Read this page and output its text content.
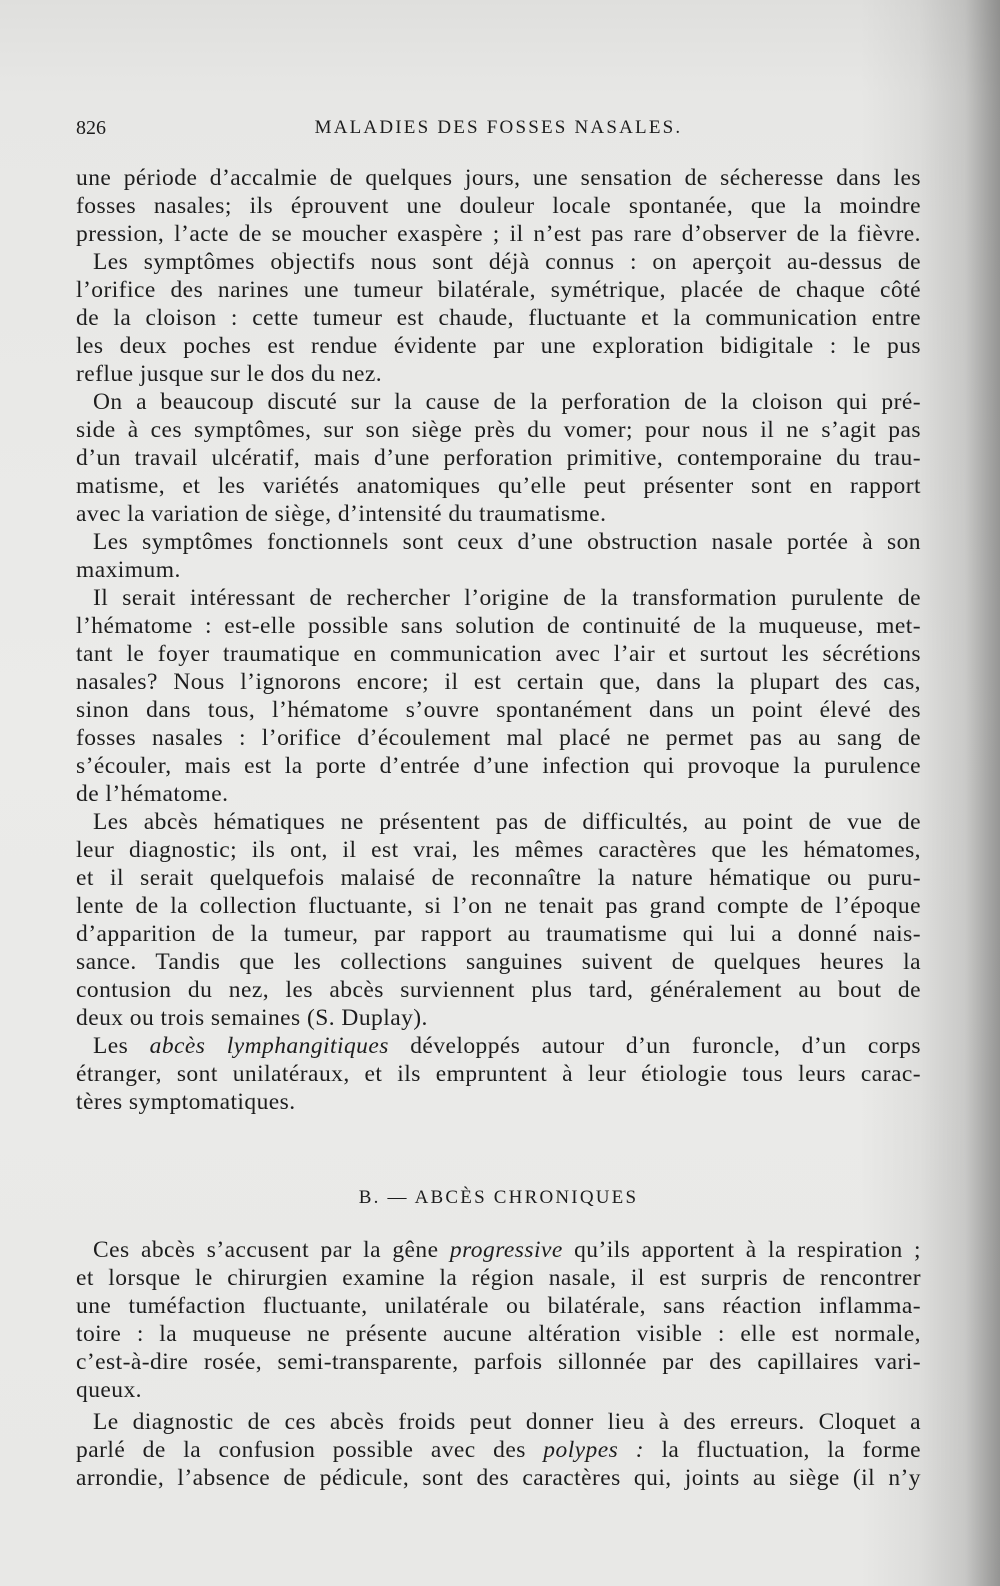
826	MALADIES DES FOSSES NASALES.
une période d’accalmie de quelques jours, une sensation de sécheresse dans les
fosses nasales; ils éprouvent une douleur locale spontanée, que la moindre
pression, l’acte de se moucher exaspère ; il n’est pas rare d’observer de la fièvre.
Les symptômes objectifs nous sont déjà connus : on aperçoit au-dessus de
l’orifice des narines une tumeur bilatérale, symétrique, placée de chaque côté
de la cloison : cette tumeur est chaude, fluctuante et la communication entre
les deux poches est rendue évidente par une exploration bidigitale : le pus
reflue jusque sur le dos du nez.
On a beaucoup discuté sur la cause de la perforation de la cloison qui pré-
side à ces symptômes, sur son siège près du vomer; pour nous il ne s’agit pas
d’un travail ulcératif, mais d’une perforation primitive, contemporaine du trau-
matisme, et les variétés anatomiques qu’elle peut présenter sont en rapport
avec la variation de siège, d’intensité du traumatisme.
Les symptômes fonctionnels sont ceux d’une obstruction nasale portée à son
maximum.
Il serait intéressant de rechercher l’origine de la transformation purulente de
l’hématome : est-elle possible sans solution de continuité de la muqueuse, met-
tant le foyer traumatique en communication avec l’air et surtout les sécrétions
nasales? Nous l’ignorons encore; il est certain que, dans la plupart des cas,
sinon dans tous, l’hématome s’ouvre spontanément dans un point élevé des
fosses nasales : l’orifice d’écoulement mal placé ne permet pas au sang de
s’écouler, mais est la porte d’entrée d’une infection qui provoque la purulence
de l’hématome.
Les abcès hématiques ne présentent pas de difficultés, au point de vue de
leur diagnostic; ils ont, il est vrai, les mêmes caractères que les hématomes,
et il serait quelquefois malaisé de reconnaître la nature hématique ou puru-
lente de la collection fluctuante, si l’on ne tenait pas grand compte de l’époque
d’apparition de la tumeur, par rapport au traumatisme qui lui a donné nais-
sance. Tandis que les collections sanguines suivent de quelques heures la
contusion du nez, les abcès surviennent plus tard, généralement au bout de
deux ou trois semaines (S. Duplay).
Les abcès lymphangitiques développés autour d’un furoncle, d’un corps
étranger, sont unilatéraux, et ils empruntent à leur étiologie tous leurs carac-
tères symptomatiques.
B. — ABCÈS CHRONIQUES
Ces abcès s’accusent par la gêne progressive qu’ils apportent à la respiration ;
et lorsque le chirurgien examine la région nasale, il est surpris de rencontrer
une tuméfaction fluctuante, unilatérale ou bilatérale, sans réaction inflamma-
toire : la muqueuse ne présente aucune altération visible : elle est normale,
c’est-à-dire rosée, semi-transparente, parfois sillonnée par des capillaires vari-
queux.
Le diagnostic de ces abcès froids peut donner lieu à des erreurs. Cloquet a
parlé de la confusion possible avec des polypes : la fluctuation, la forme
arrondie, l’absence de pédicule, sont des caractères qui, joints au siège (il n’y
